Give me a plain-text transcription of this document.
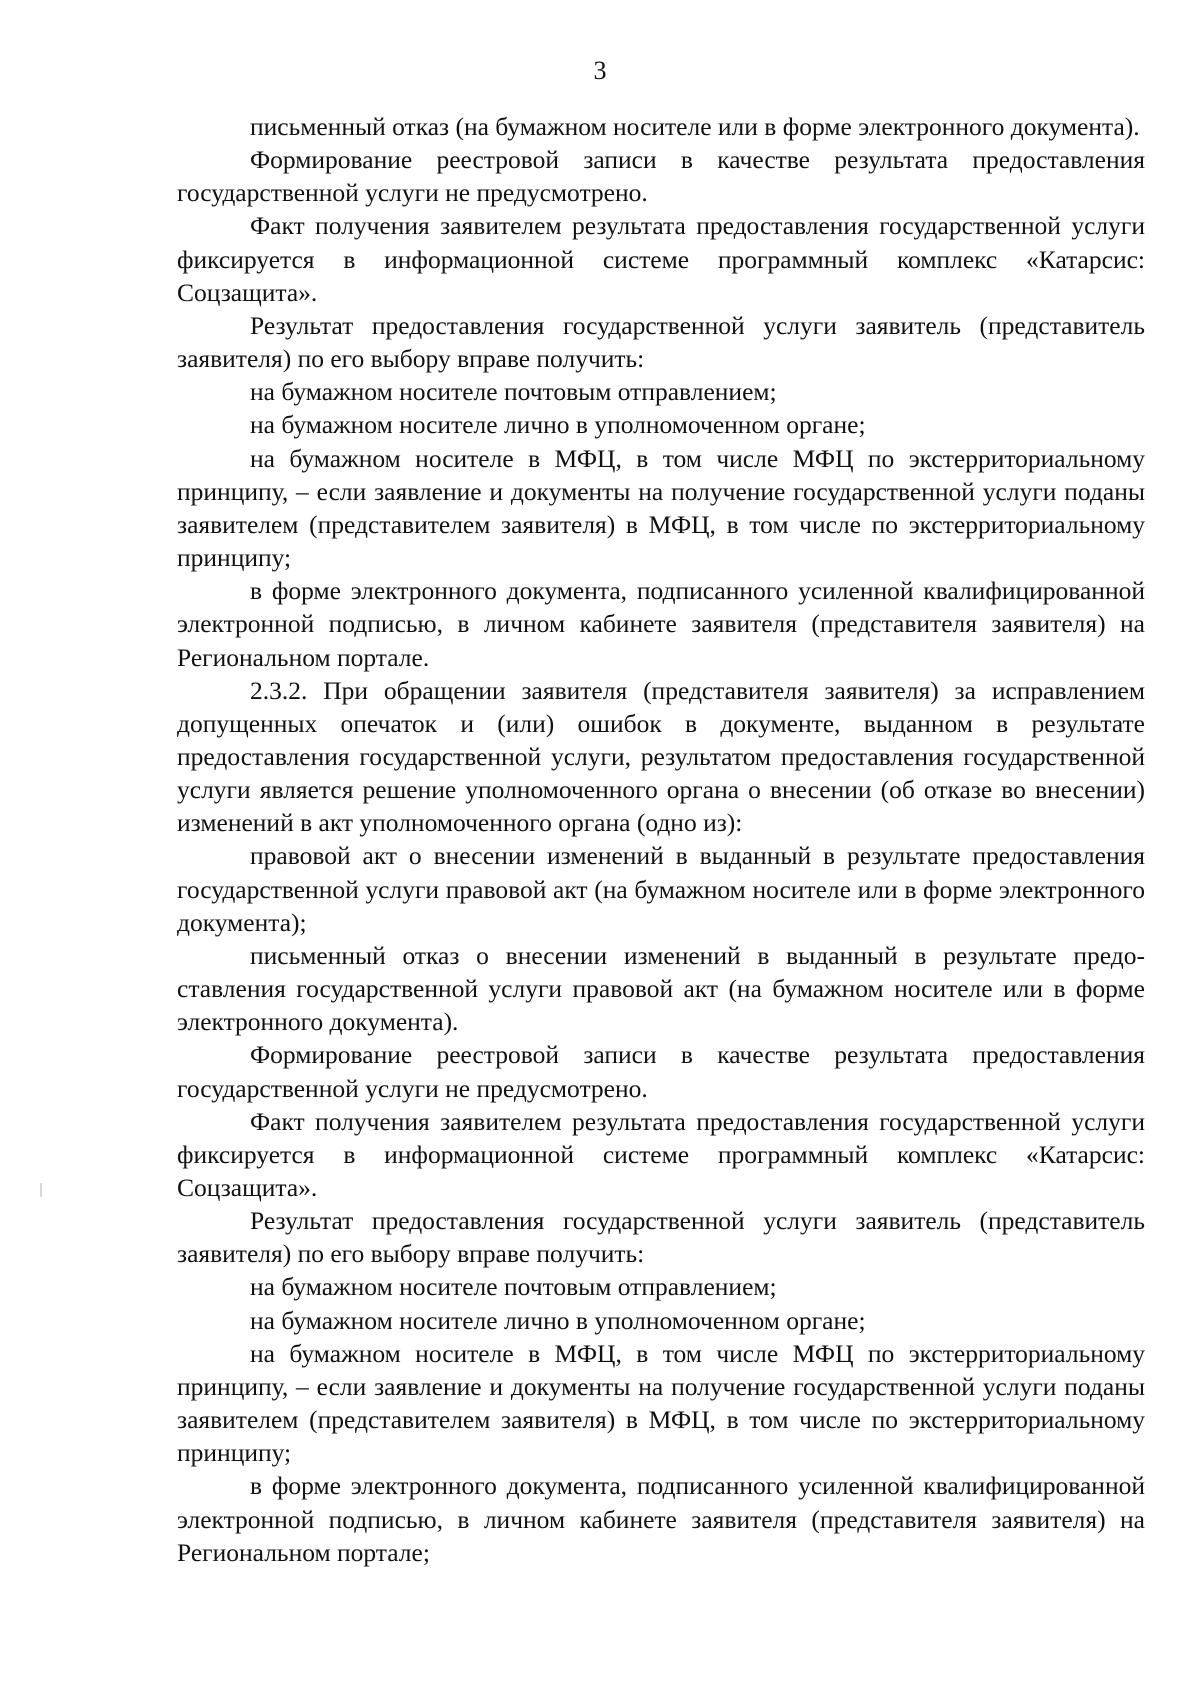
3

письменный отказ (на бумажном носителе или в форме электронного документа).

Формирование реестровой записи в качестве результата предоставления государственной услуги не предусмотрено.

Факт получения заявителем результата предоставления государственной услуги фиксируется в информационной системе программный комплекс «Катарсис: Соцзащита».

Результат предоставления государственной услуги заявитель (представитель заявителя) по его выбору вправе получить:

на бумажном носителе почтовым отправлением;

на бумажном носителе лично в уполномоченном органе;

на бумажном носителе в МФЦ, в том числе МФЦ по экстерриториальному принципу, – если заявление и документы на получение государственной услуги поданы заявителем (представителем заявителя) в МФЦ, в том числе по экстерриториальному принципу;

в форме электронного документа, подписанного усиленной квалифицированной электронной подписью, в личном кабинете заявителя (представителя заявителя) на Региональном портале.

2.3.2. При обращении заявителя (представителя заявителя) за исправлением допущенных опечаток и (или) ошибок в документе, выданном в результате предоставления государственной услуги, результатом предоставления государственной услуги является решение уполномоченного органа о внесении (об отказе во внесении) изменений в акт уполномоченного органа (одно из):

правовой акт о внесении изменений в выданный в результате предоставления государственной услуги правовой акт (на бумажном носителе или в форме электронного документа);

письменный отказ о внесении изменений в выданный в результате предоставления государственной услуги правовой акт (на бумажном носителе или в форме электронного документа).

Формирование реестровой записи в качестве результата предоставления государственной услуги не предусмотрено.

Факт получения заявителем результата предоставления государственной услуги фиксируется в информационной системе программный комплекс «Катарсис: Соцзащита».

Результат предоставления государственной услуги заявитель (представитель заявителя) по его выбору вправе получить:

на бумажном носителе почтовым отправлением;

на бумажном носителе лично в уполномоченном органе;

на бумажном носителе в МФЦ, в том числе МФЦ по экстерриториальному принципу, – если заявление и документы на получение государственной услуги поданы заявителем (представителем заявителя) в МФЦ, в том числе по экстерриториальному принципу;

в форме электронного документа, подписанного усиленной квалифицированной электронной подписью, в личном кабинете заявителя (представителя заявителя) на Региональном портале;
